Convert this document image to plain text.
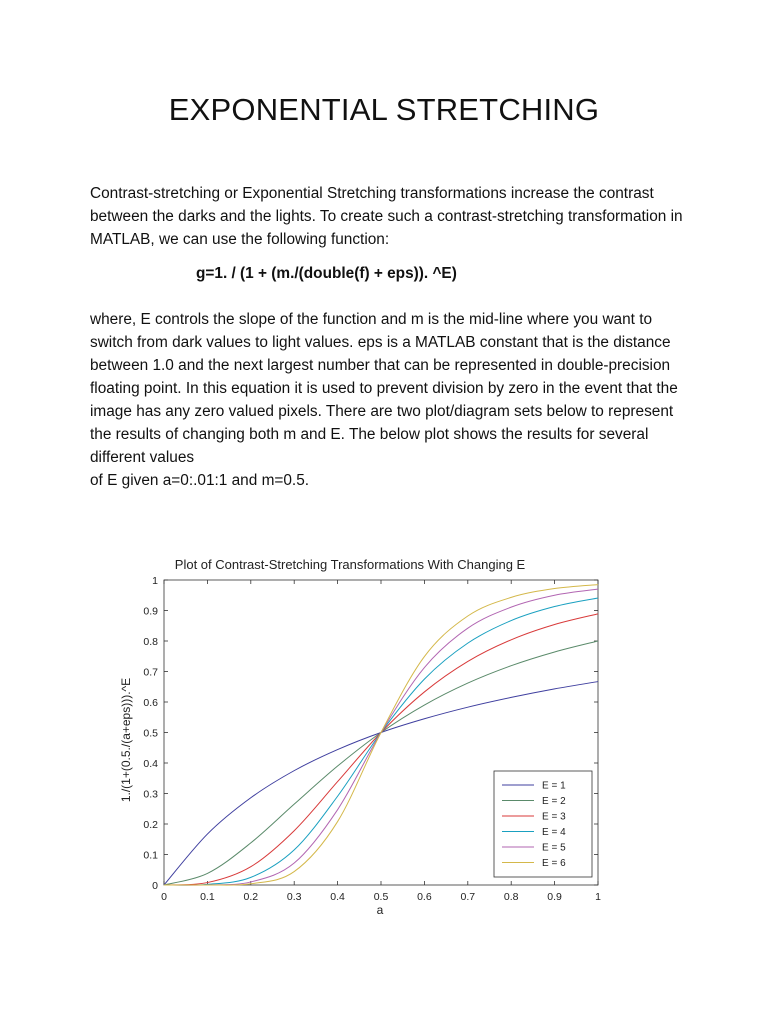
EXPONENTIAL STRETCHING

Contrast-stretching or Exponential Stretching transformations increase the contrast between the darks and the lights. To create such a contrast-stretching transformation in MATLAB, we can use the following function:

g=1. / (1 + (m./(double(f) + eps)). ^E)

where, E controls the slope of the function and m is the mid-line where you want to switch from dark values to light values. eps is a MATLAB constant that is the distance between 1.0 and the next largest number that can be represented in double-precision floating point. In this equation it is used to prevent division by zero in the event that the image has any zero valued pixels. There are two plot/diagram sets below to represent the results of changing both m and E. The below plot shows the results for several different values
of E given a=0:.01:1 and m=0.5.

Plot of Contrast-Stretching Transformations With Changing E
1./(1+(0.5./(a+eps))).^E
a
0	0.1	0.2	0.3	0.4	0.5	0.6	0.7	0.8	0.9	1
0
0.1
0.2
0.3
0.4
0.5
0.6
0.7
0.8
0.9
1
E = 1
E = 2
E = 3
E = 4
E = 5
E = 6
